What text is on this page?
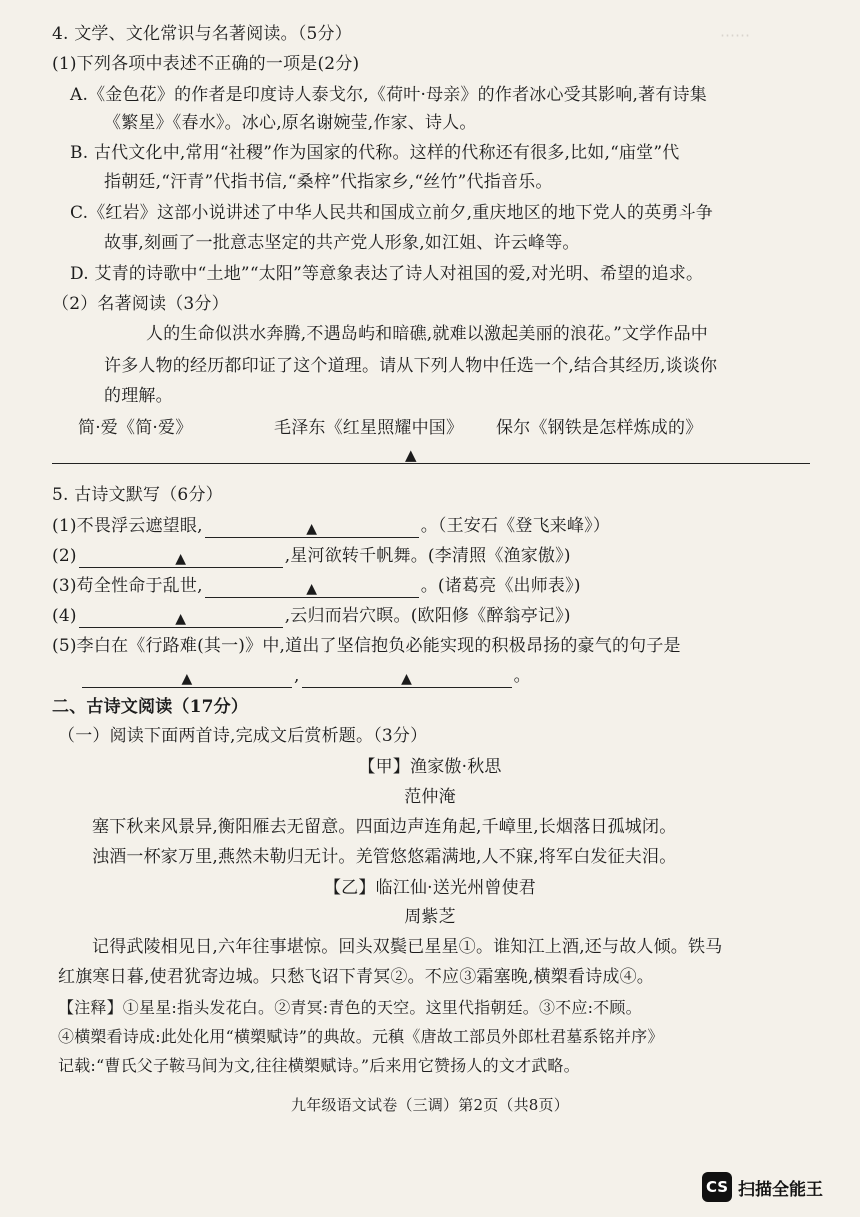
⋯⋯
4. 文学、文化常识与名著阅读。（5分）
(1)下列各项中表述不正确的一项是(2分)
A.《金色花》的作者是印度诗人泰戈尔,《荷叶·母亲》的作者冰心受其影响,著有诗集
《繁星》《春水》。冰心,原名谢婉莹,作家、诗人。
B. 古代文化中,常用“社稷”作为国家的代称。这样的代称还有很多,比如,“庙堂”代
指朝廷,“汗青”代指书信,“桑梓”代指家乡,“丝竹”代指音乐。
C.《红岩》这部小说讲述了中华人民共和国成立前夕,重庆地区的地下党人的英勇斗争
故事,刻画了一批意志坚定的共产党人形象,如江姐、许云峰等。
D. 艾青的诗歌中“土地”“太阳”等意象表达了诗人对祖国的爱,对光明、希望的追求。
（2）名著阅读（3分）
人的生命似洪水奔腾,不遇岛屿和暗礁,就难以激起美丽的浪花。”文学作品中
许多人物的经历都印证了这个道理。请从下列人物中任选一个,结合其经历,谈谈你
的理解。
简·爱《简·爱》	毛泽东《红星照耀中国》 保尔《钢铁是怎样炼成的》
▲
5. 古诗文默写（6分）
(1)不畏浮云遮望眼,	▲	。（王安石《登飞来峰》）
(2)	▲	,星河欲转千帆舞。(李清照《渔家傲》)
(3)苟全性命于乱世,	▲	。(诸葛亮《出师表》)
(4)	▲	,云归而岩穴暝。(欧阳修《醉翁亭记》)
(5)李白在《行路难(其一)》中,道出了坚信抱负必能实现的积极昂扬的豪气的句子是
▲	,	▲	。
二、古诗文阅读（17分）
（一）阅读下面两首诗,完成文后赏析题。（3分）
【甲】渔家傲·秋思
范仲淹
塞下秋来风景异,衡阳雁去无留意。四面边声连角起,千嶂里,长烟落日孤城闭。
浊酒一杯家万里,燕然未勒归无计。羌管悠悠霜满地,人不寐,将军白发征夫泪。
【乙】临江仙·送光州曾使君
周紫芝
记得武陵相见日,六年往事堪惊。回头双鬓已星星①。谁知江上酒,还与故人倾。铁马
红旗寒日暮,使君犹寄边城。只愁飞诏下青冥②。不应③霜塞晚,横槊看诗成④。
【注释】①星星:指头发花白。②青冥:青色的天空。这里代指朝廷。③不应:不顾。
④横槊看诗成:此处化用“横槊赋诗”的典故。元稹《唐故工部员外郎杜君墓系铭并序》
记载:“曹氏父子鞍马间为文,往往横槊赋诗。”后来用它赞扬人的文才武略。
九年级语文试卷（三调）第2页（共8页）
CS 扫描全能王
